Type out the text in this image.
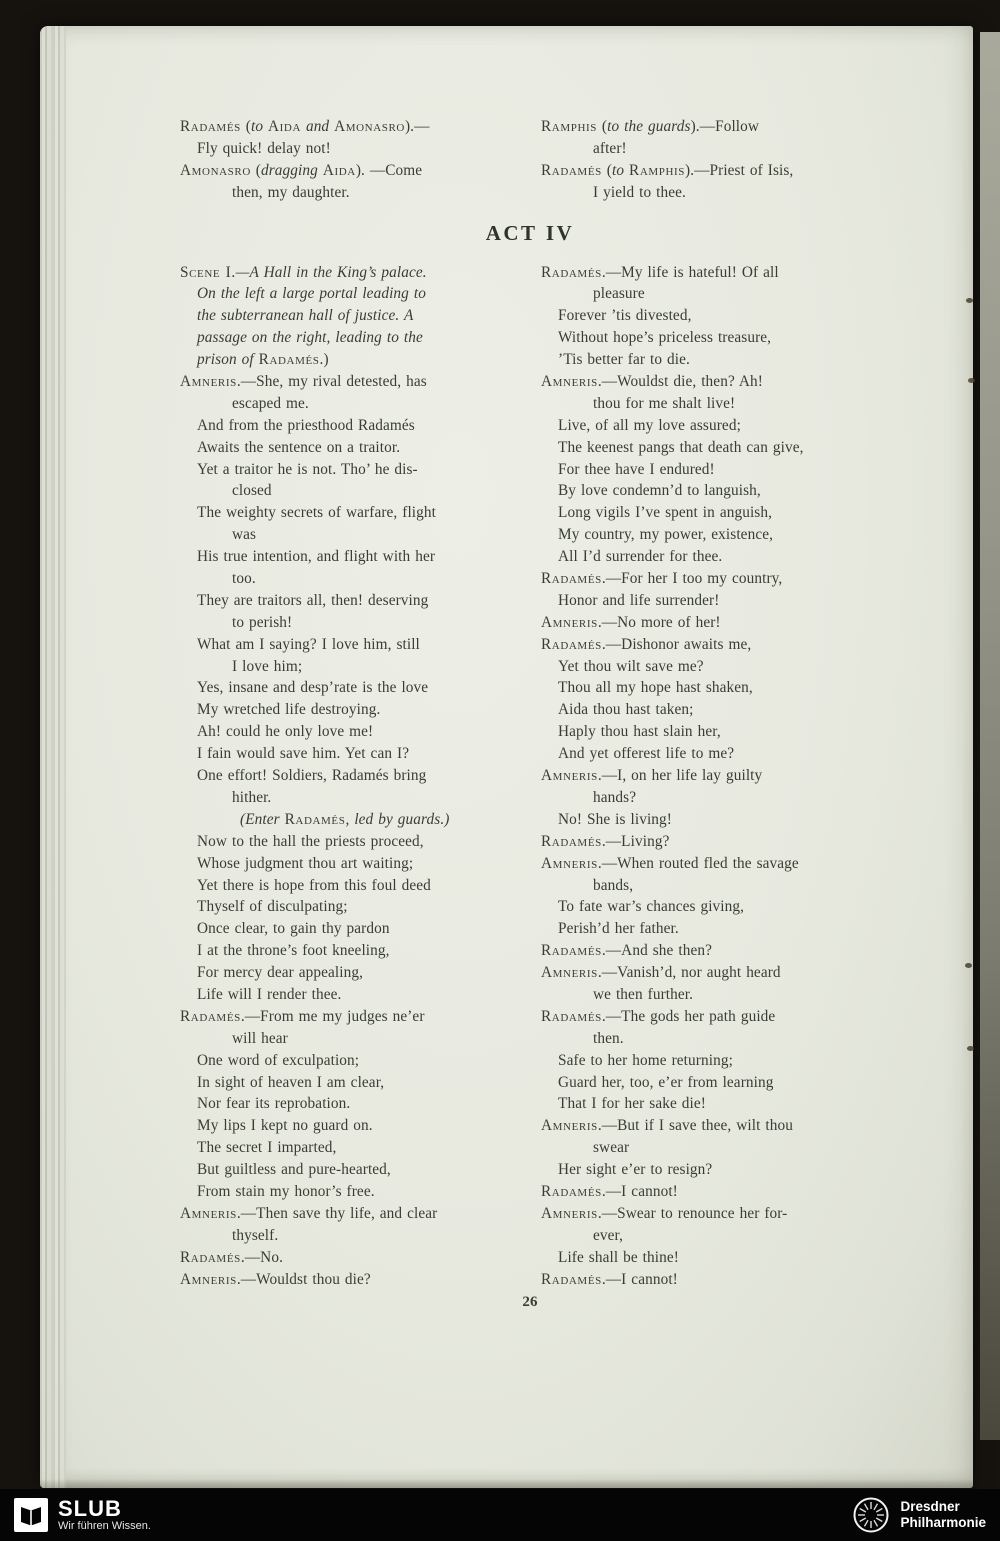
Radamés (to Aida and Amonasro).—
Fly quick! delay not!
Amonasro (dragging Aida). —Come
then, my daughter.
Ramphis (to the guards).—Follow
after!
Radamés (to Ramphis).—Priest of Isis,
I yield to thee.
ACT IV
Scene I.—A Hall in the King’s palace.
On the left a large portal leading to
the subterranean hall of justice. A
passage on the right, leading to the
prison of Radamés.)
Amneris.—She, my rival detested, has
escaped me.
And from the priesthood Radamés
Awaits the sentence on a traitor.
Yet a traitor he is not. Tho’ he dis-
closed
The weighty secrets of warfare, flight
was
His true intention, and flight with her
too.
They are traitors all, then! deserving
to perish!
What am I saying? I love him, still
I love him;
Yes, insane and desp’rate is the love
My wretched life destroying.
Ah! could he only love me!
I fain would save him. Yet can I?
One effort! Soldiers, Radamés bring
hither.
(Enter Radamés, led by guards.)
Now to the hall the priests proceed,
Whose judgment thou art waiting;
Yet there is hope from this foul deed
Thyself of disculpating;
Once clear, to gain thy pardon
I at the throne’s foot kneeling,
For mercy dear appealing,
Life will I render thee.
Radamés.—From me my judges ne’er
will hear
One word of exculpation;
In sight of heaven I am clear,
Nor fear its reprobation.
My lips I kept no guard on.
The secret I imparted,
But guiltless and pure-hearted,
From stain my honor’s free.
Amneris.—Then save thy life, and clear
thyself.
Radamés.—No.
Amneris.—Wouldst thou die?
Radamés.—My life is hateful! Of all
pleasure
Forever ’tis divested,
Without hope’s priceless treasure,
’Tis better far to die.
Amneris.—Wouldst die, then? Ah!
thou for me shalt live!
Live, of all my love assured;
The keenest pangs that death can give,
For thee have I endured!
By love condemn’d to languish,
Long vigils I’ve spent in anguish,
My country, my power, existence,
All I’d surrender for thee.
Radamés.—For her I too my country,
Honor and life surrender!
Amneris.—No more of her!
Radamés.—Dishonor awaits me,
Yet thou wilt save me?
Thou all my hope hast shaken,
Aida thou hast taken;
Haply thou hast slain her,
And yet offerest life to me?
Amneris.—I, on her life lay guilty
hands?
No! She is living!
Radamés.—Living?
Amneris.—When routed fled the savage
bands,
To fate war’s chances giving,
Perish’d her father.
Radamés.—And she then?
Amneris.—Vanish’d, nor aught heard
we then further.
Radamés.—The gods her path guide
then.
Safe to her home returning;
Guard her, too, e’er from learning
That I for her sake die!
Amneris.—But if I save thee, wilt thou
swear
Her sight e’er to resign?
Radamés.—I cannot!
Amneris.—Swear to renounce her for-
ever,
Life shall be thine!
Radamés.—I cannot!
26
SLUB
Wir führen Wissen.
Dresdner
Philharmonie
